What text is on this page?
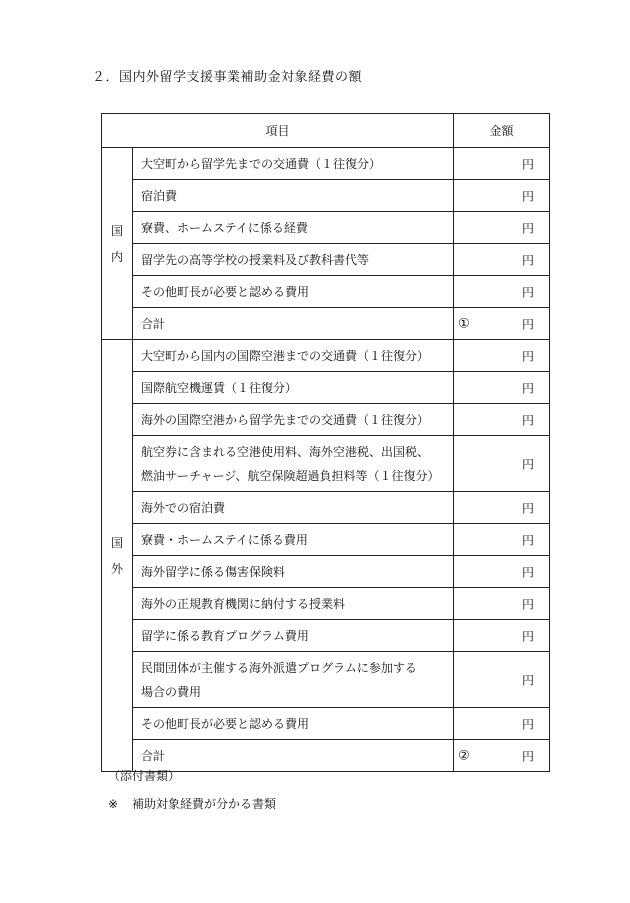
２．国内外留学支援事業補助金対象経費の額
項目		金額
国
内	大空町から留学先までの交通費（１往復分）	円

	宿泊費	円

	寮費、ホームステイに係る経費	円

	留学先の高等学校の授業料及び教科書代等	円

	その他町長が必要と認める費用	円

	合計	① 円

国
外	大空町から国内の国際空港までの交通費（１往復分）	円

	国際航空機運賃（１往復分）	円

	海外の国際空港から留学先までの交通費（１往復分）	円

	航空券に含まれる空港使用料、海外空港税、出国税、
燃油サーチャージ、航空保険超過負担料等（１往復分）	円

	海外での宿泊費	円

	寮費・ホームステイに係る費用	円

	海外留学に係る傷害保険料	円

	海外の正規教育機関に納付する授業料	円

	留学に係る教育プログラム費用	円

	民間団体が主催する海外派遣プログラムに参加する
場合の費用	円

	その他町長が必要と認める費用	円

	合計	② 円
（添付書類）
※ 補助対象経費が分かる書類
